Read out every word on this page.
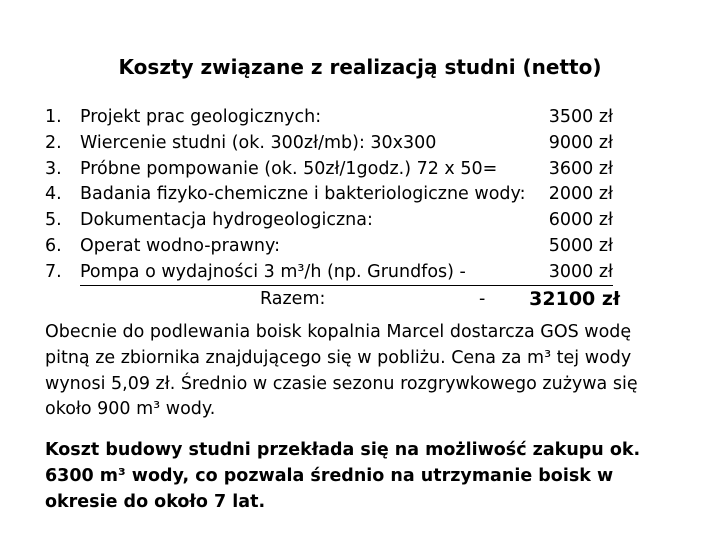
Koszty związane z realizacją studni (netto)
1. Projekt prac geologicznych:	3500 zł
2. Wiercenie studni (ok. 300zł/mb): 30x300	9000 zł
3. Próbne pompowanie (ok. 50zł/1godz.) 72 x 50=	3600 zł
4. Badania fizyko-chemiczne i bakteriologiczne wody: 2000 zł
5. Dokumentacja hydrogeologiczna:	6000 zł
6. Operat wodno-prawny:	5000 zł
7. Pompa o wydajności 3 m³/h (np. Grundfos) -	3000 zł
Razem:	- 32100 zł
Obecnie do podlewania boisk kopalnia Marcel dostarcza GOS wodę
pitną ze zbiornika znajdującego się w pobliżu. Cena za m³ tej wody
wynosi 5,09 zł. Średnio w czasie sezonu rozgrywkowego zużywa się
około 900 m³ wody.
Koszt budowy studni przekłada się na możliwość zakupu ok.
6300 m³ wody, co pozwala średnio na utrzymanie boisk w
okresie do około 7 lat.
